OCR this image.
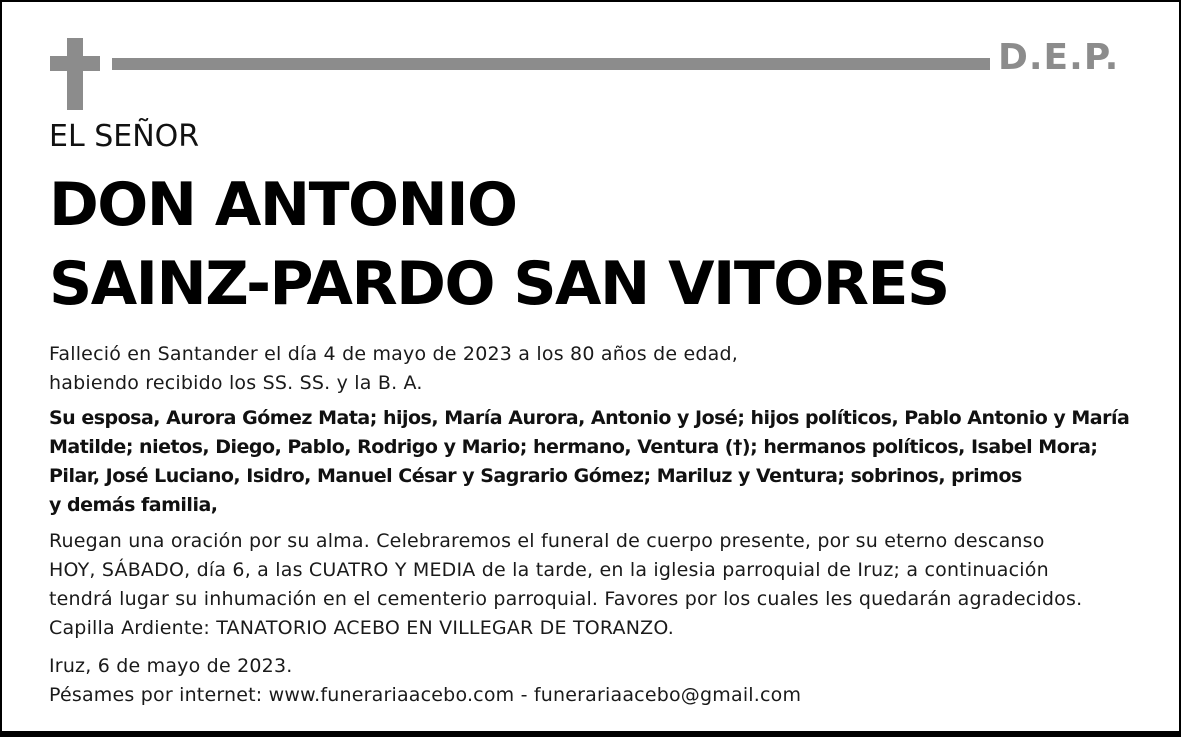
D.E.P.
EL SEÑOR
DON ANTONIO
SAINZ-PARDO SAN VITORES
Falleció en Santander el día 4 de mayo de 2023 a los 80 años de edad,
habiendo recibido los SS. SS. y la B. A.
Su esposa, Aurora Gómez Mata; hijos, María Aurora, Antonio y José; hijos políticos, Pablo Antonio y María
Matilde; nietos, Diego, Pablo, Rodrigo y Mario; hermano, Ventura (†); hermanos políticos, Isabel Mora;
Pilar, José Luciano, Isidro, Manuel César y Sagrario Gómez; Mariluz y Ventura; sobrinos, primos
y demás familia,
Ruegan una oración por su alma. Celebraremos el funeral de cuerpo presente, por su eterno descanso
HOY, SÁBADO, día 6, a las CUATRO Y MEDIA de la tarde, en la iglesia parroquial de Iruz; a continuación
tendrá lugar su inhumación en el cementerio parroquial. Favores por los cuales les quedarán agradecidos.
Capilla Ardiente: TANATORIO ACEBO EN VILLEGAR DE TORANZO.
Iruz, 6 de mayo de 2023.
Pésames por internet: www.funerariaacebo.com - funerariaacebo@gmail.com
